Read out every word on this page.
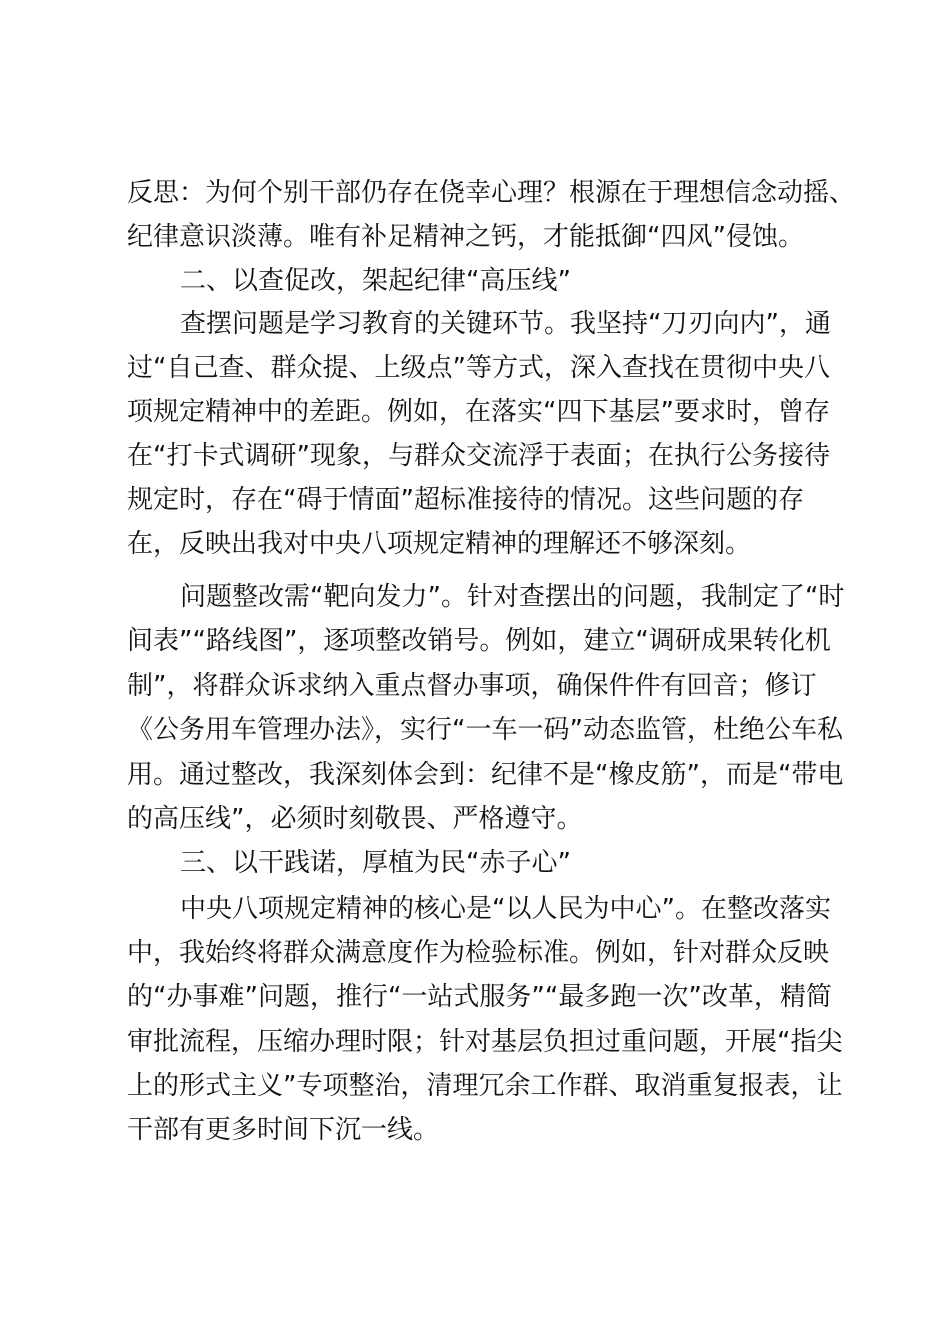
反思：为何个别干部仍存在侥幸心理？根源在于理想信念动摇、
纪律意识淡薄。唯有补足精神之钙，才能抵御“四风”侵蚀。
二、以查促改，架起纪律“高压线”
查摆问题是学习教育的关键环节。我坚持“刀刃向内”，通
过“自己查、群众提、上级点”等方式，深入查找在贯彻中央八
项规定精神中的差距。例如，在落实“四下基层”要求时，曾存
在“打卡式调研”现象，与群众交流浮于表面；在执行公务接待
规定时，存在“碍于情面”超标准接待的情况。这些问题的存
在，反映出我对中央八项规定精神的理解还不够深刻。
问题整改需“靶向发力”。针对查摆出的问题，我制定了“时
间表”“路线图”，逐项整改销号。例如，建立“调研成果转化机
制”，将群众诉求纳入重点督办事项，确保件件有回音；修订
《公务用车管理办法》，实行“一车一码”动态监管，杜绝公车私
用。通过整改，我深刻体会到：纪律不是“橡皮筋”，而是“带电
的高压线”，必须时刻敬畏、严格遵守。
三、以干践诺，厚植为民“赤子心”
中央八项规定精神的核心是“以人民为中心”。在整改落实
中，我始终将群众满意度作为检验标准。例如，针对群众反映
的“办事难”问题，推行“一站式服务”“最多跑一次”改革，精简
审批流程，压缩办理时限；针对基层负担过重问题，开展“指尖
上的形式主义”专项整治，清理冗余工作群、取消重复报表，让
干部有更多时间下沉一线。
